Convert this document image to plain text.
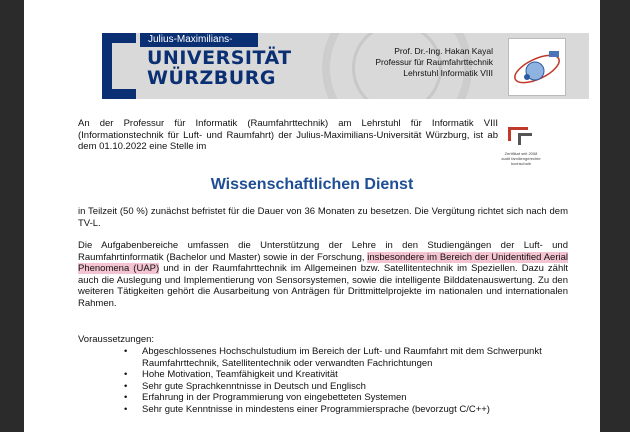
Julius-Maximilians-
UNIVERSITÄT
WÜRZBURG
Prof. Dr.-Ing. Hakan Kayal
Professur für Raumfahrttechnik
Lehrstuhl Informatik VIII
Zertifikat seit 2008
audit familiengerechte
hochschule
An der Professur für Informatik (Raumfahrttechnik) am Lehrstuhl für Informatik VIII (Informationstechnik für Luft- und Raumfahrt) der Julius-Maximilians-Universität Würzburg, ist ab dem 01.10.2022 eine Stelle im
Wissenschaftlichen Dienst
in Teilzeit (50 %) zunächst befristet für die Dauer von 36 Monaten zu besetzen. Die Vergütung richtet sich nach dem TV-L.
Die Aufgabenbereiche umfassen die Unterstützung der Lehre in den Studiengängen der Luft- und Raumfahrtinformatik (Bachelor und Master) sowie in der Forschung, insbesondere im Bereich der Unidentified Aerial Phenomena (UAP) und in der Raumfahrttechnik im Allgemeinen bzw. Satellitentechnik im Speziellen. Dazu zählt auch die Auslegung und Implementierung von Sensorsystemen, sowie die intelligente Bilddatenauswertung. Zu den weiteren Tätigkeiten gehört die Ausarbeitung von Anträgen für Drittmittelprojekte im nationalen und internationalen Rahmen.
Voraussetzungen:
• Abgeschlossenes Hochschulstudium im Bereich der Luft- und Raumfahrt mit dem Schwerpunkt Raumfahrttechnik, Satellitentechnik oder verwandten Fachrichtungen
• Hohe Motivation, Teamfähigkeit und Kreativität
• Sehr gute Sprachkenntnisse in Deutsch und Englisch
• Erfahrung in der Programmierung von eingebetteten Systemen
• Sehr gute Kenntnisse in mindestens einer Programmiersprache (bevorzugt C/C++)
